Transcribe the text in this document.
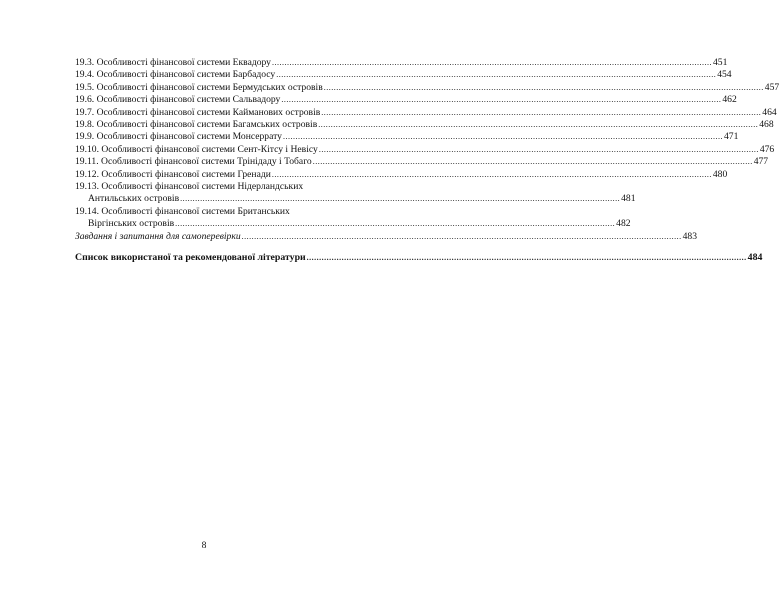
19.3. Особливості фінансової системи Еквадору .....	451
19.4. Особливості фінансової системи Барбадосу .....	454
19.5. Особливості фінансової системи Бермудських островів .....	457
19.6. Особливості фінансової системи Сальвадору .....	462
19.7. Особливості фінансової системи Кайманових островів .....	464
19.8. Особливості фінансової системи Багамських островів .....	468
19.9. Особливості фінансової системи Монсеррату .....	471
19.10. Особливості фінансової системи Сент-Кітсу і Невісу .....	476
19.11. Особливості фінансової системи Трінідаду і Тобаго .....	477
19.12. Особливості фінансової системи Гренади .....	480
19.13. Особливості фінансової системи Нідерландських
Антильських островів .....	481
19.14. Особливості фінансової системи Британських
Віргінських островів .....	482
Завдання і запитання для самоперевірки .....	483
Список використаної та рекомендованої літератури .....	484
8
